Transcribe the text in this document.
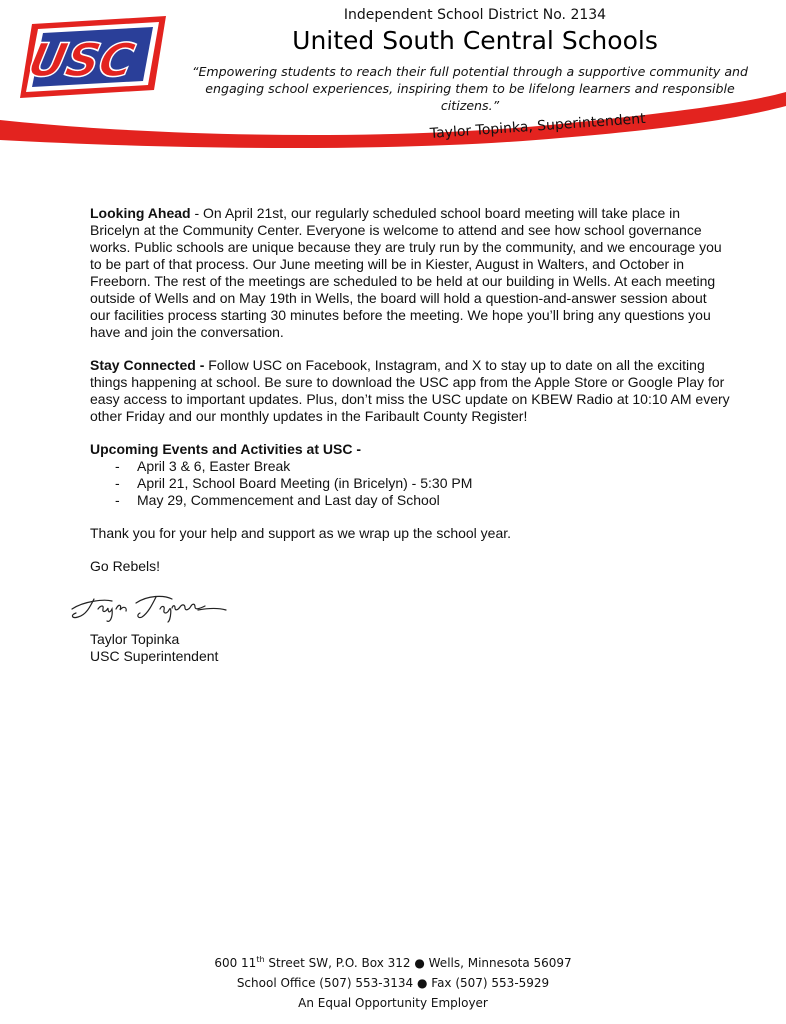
USC
Independent School District No. 2134
United South Central Schools
“Empowering students to reach their full potential through a supportive community and engaging school experiences, inspiring them to be lifelong learners and responsible citizens.”
Taylor Topinka, Superintendent

Looking Ahead - On April 21st, our regularly scheduled school board meeting will take place in Bricelyn at the Community Center. Everyone is welcome to attend and see how school governance works. Public schools are unique because they are truly run by the community, and we encourage you to be part of that process. Our June meeting will be in Kiester, August in Walters, and October in Freeborn. The rest of the meetings are scheduled to be held at our building in Wells. At each meeting outside of Wells and on May 19th in Wells, the board will hold a question-and-answer session about our facilities process starting 30 minutes before the meeting. We hope you’ll bring any questions you have and join the conversation.

Stay Connected - Follow USC on Facebook, Instagram, and X to stay up to date on all the exciting things happening at school. Be sure to download the USC app from the Apple Store or Google Play for easy access to important updates. Plus, don’t miss the USC update on KBEW Radio at 10:10 AM every other Friday and our monthly updates in the Faribault County Register!

Upcoming Events and Activities at USC -
- April 3 & 6, Easter Break
- April 21, School Board Meeting (in Bricelyn) - 5:30 PM
- May 29, Commencement and Last day of School

Thank you for your help and support as we wrap up the school year.

Go Rebels!

Taylor Topinka

USC Superintendent

600 11th Street SW, P.O. Box 312 ● Wells, Minnesota 56097
School Office (507) 553-3134 ● Fax (507) 553-5929
An Equal Opportunity Employer
